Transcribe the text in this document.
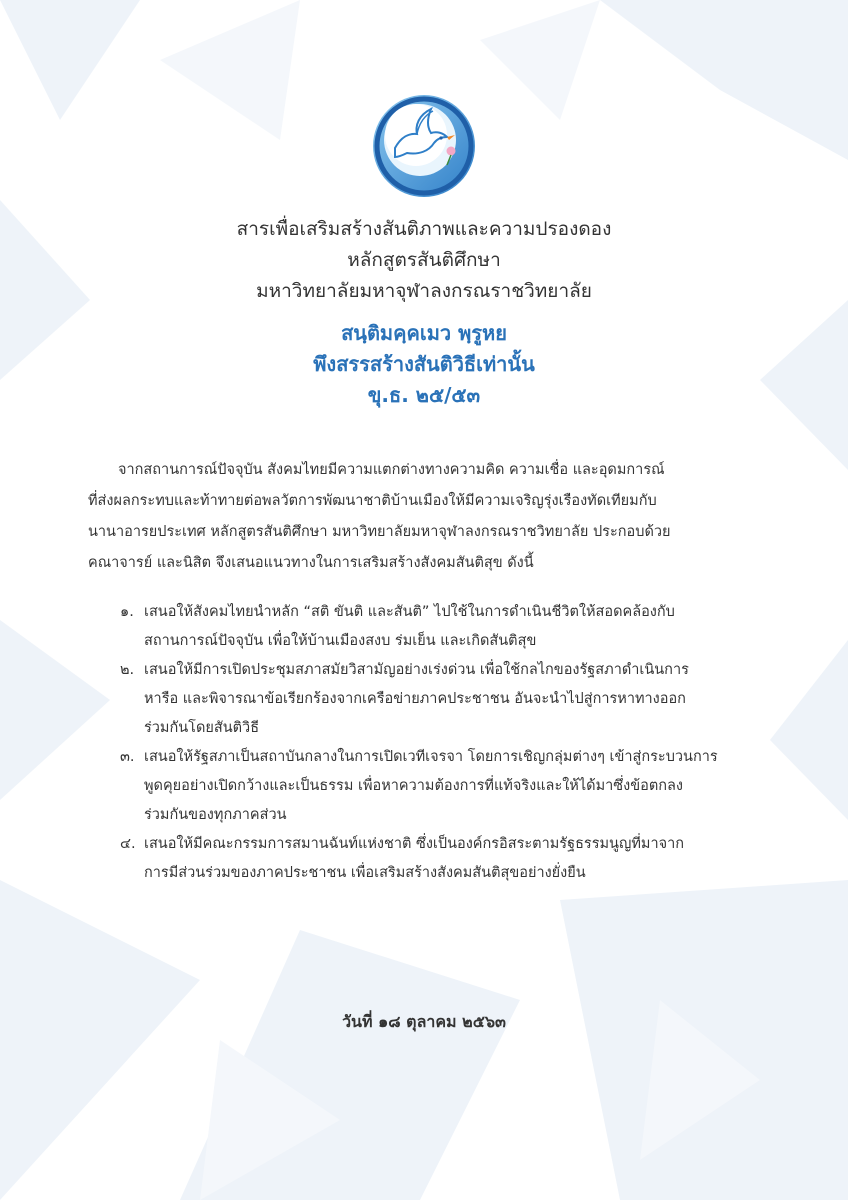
สารเพื่อเสริมสร้างสันติภาพและความปรองดอง
หลักสูตรสันติศึกษา
มหาวิทยาลัยมหาจุฬาลงกรณราชวิทยาลัย
สนฺติมคฺคเมว พฺรูหย
พึงสรรสร้างสันติวิธีเท่านั้น
ขุ.ธ. ๒๕/๕๓
จากสถานการณ์ปัจจุบัน สังคมไทยมีความแตกต่างทางความคิด ความเชื่อ และอุดมการณ์
ที่ส่งผลกระทบและท้าทายต่อพลวัตการพัฒนาชาติบ้านเมืองให้มีความเจริญรุ่งเรืองทัดเทียมกับ
นานาอารยประเทศ หลักสูตรสันติศึกษา มหาวิทยาลัยมหาจุฬาลงกรณราชวิทยาลัย ประกอบด้วย
คณาจารย์ และนิสิต จึงเสนอแนวทางในการเสริมสร้างสังคมสันติสุข ดังนี้
๑. เสนอให้สังคมไทยนำหลัก “สติ ขันติ และสันติ” ไปใช้ในการดำเนินชีวิตให้สอดคล้องกับ
สถานการณ์ปัจจุบัน เพื่อให้บ้านเมืองสงบ ร่มเย็น และเกิดสันติสุข
๒. เสนอให้มีการเปิดประชุมสภาสมัยวิสามัญอย่างเร่งด่วน เพื่อใช้กลไกของรัฐสภาดำเนินการ
หารือ และพิจารณาข้อเรียกร้องจากเครือข่ายภาคประชาชน อันจะนำไปสู่การหาทางออก
ร่วมกันโดยสันติวิธี
๓. เสนอให้รัฐสภาเป็นสถาบันกลางในการเปิดเวทีเจรจา โดยการเชิญกลุ่มต่างๆ เข้าสู่กระบวนการ
พูดคุยอย่างเปิดกว้างและเป็นธรรม เพื่อหาความต้องการที่แท้จริงและให้ได้มาซึ่งข้อตกลง
ร่วมกันของทุกภาคส่วน
๔. เสนอให้มีคณะกรรมการสมานฉันท์แห่งชาติ ซึ่งเป็นองค์กรอิสระตามรัฐธรรมนูญที่มาจาก
การมีส่วนร่วมของภาคประชาชน เพื่อเสริมสร้างสังคมสันติสุขอย่างยั่งยืน
วันที่ ๑๘ ตุลาคม ๒๕๖๓
